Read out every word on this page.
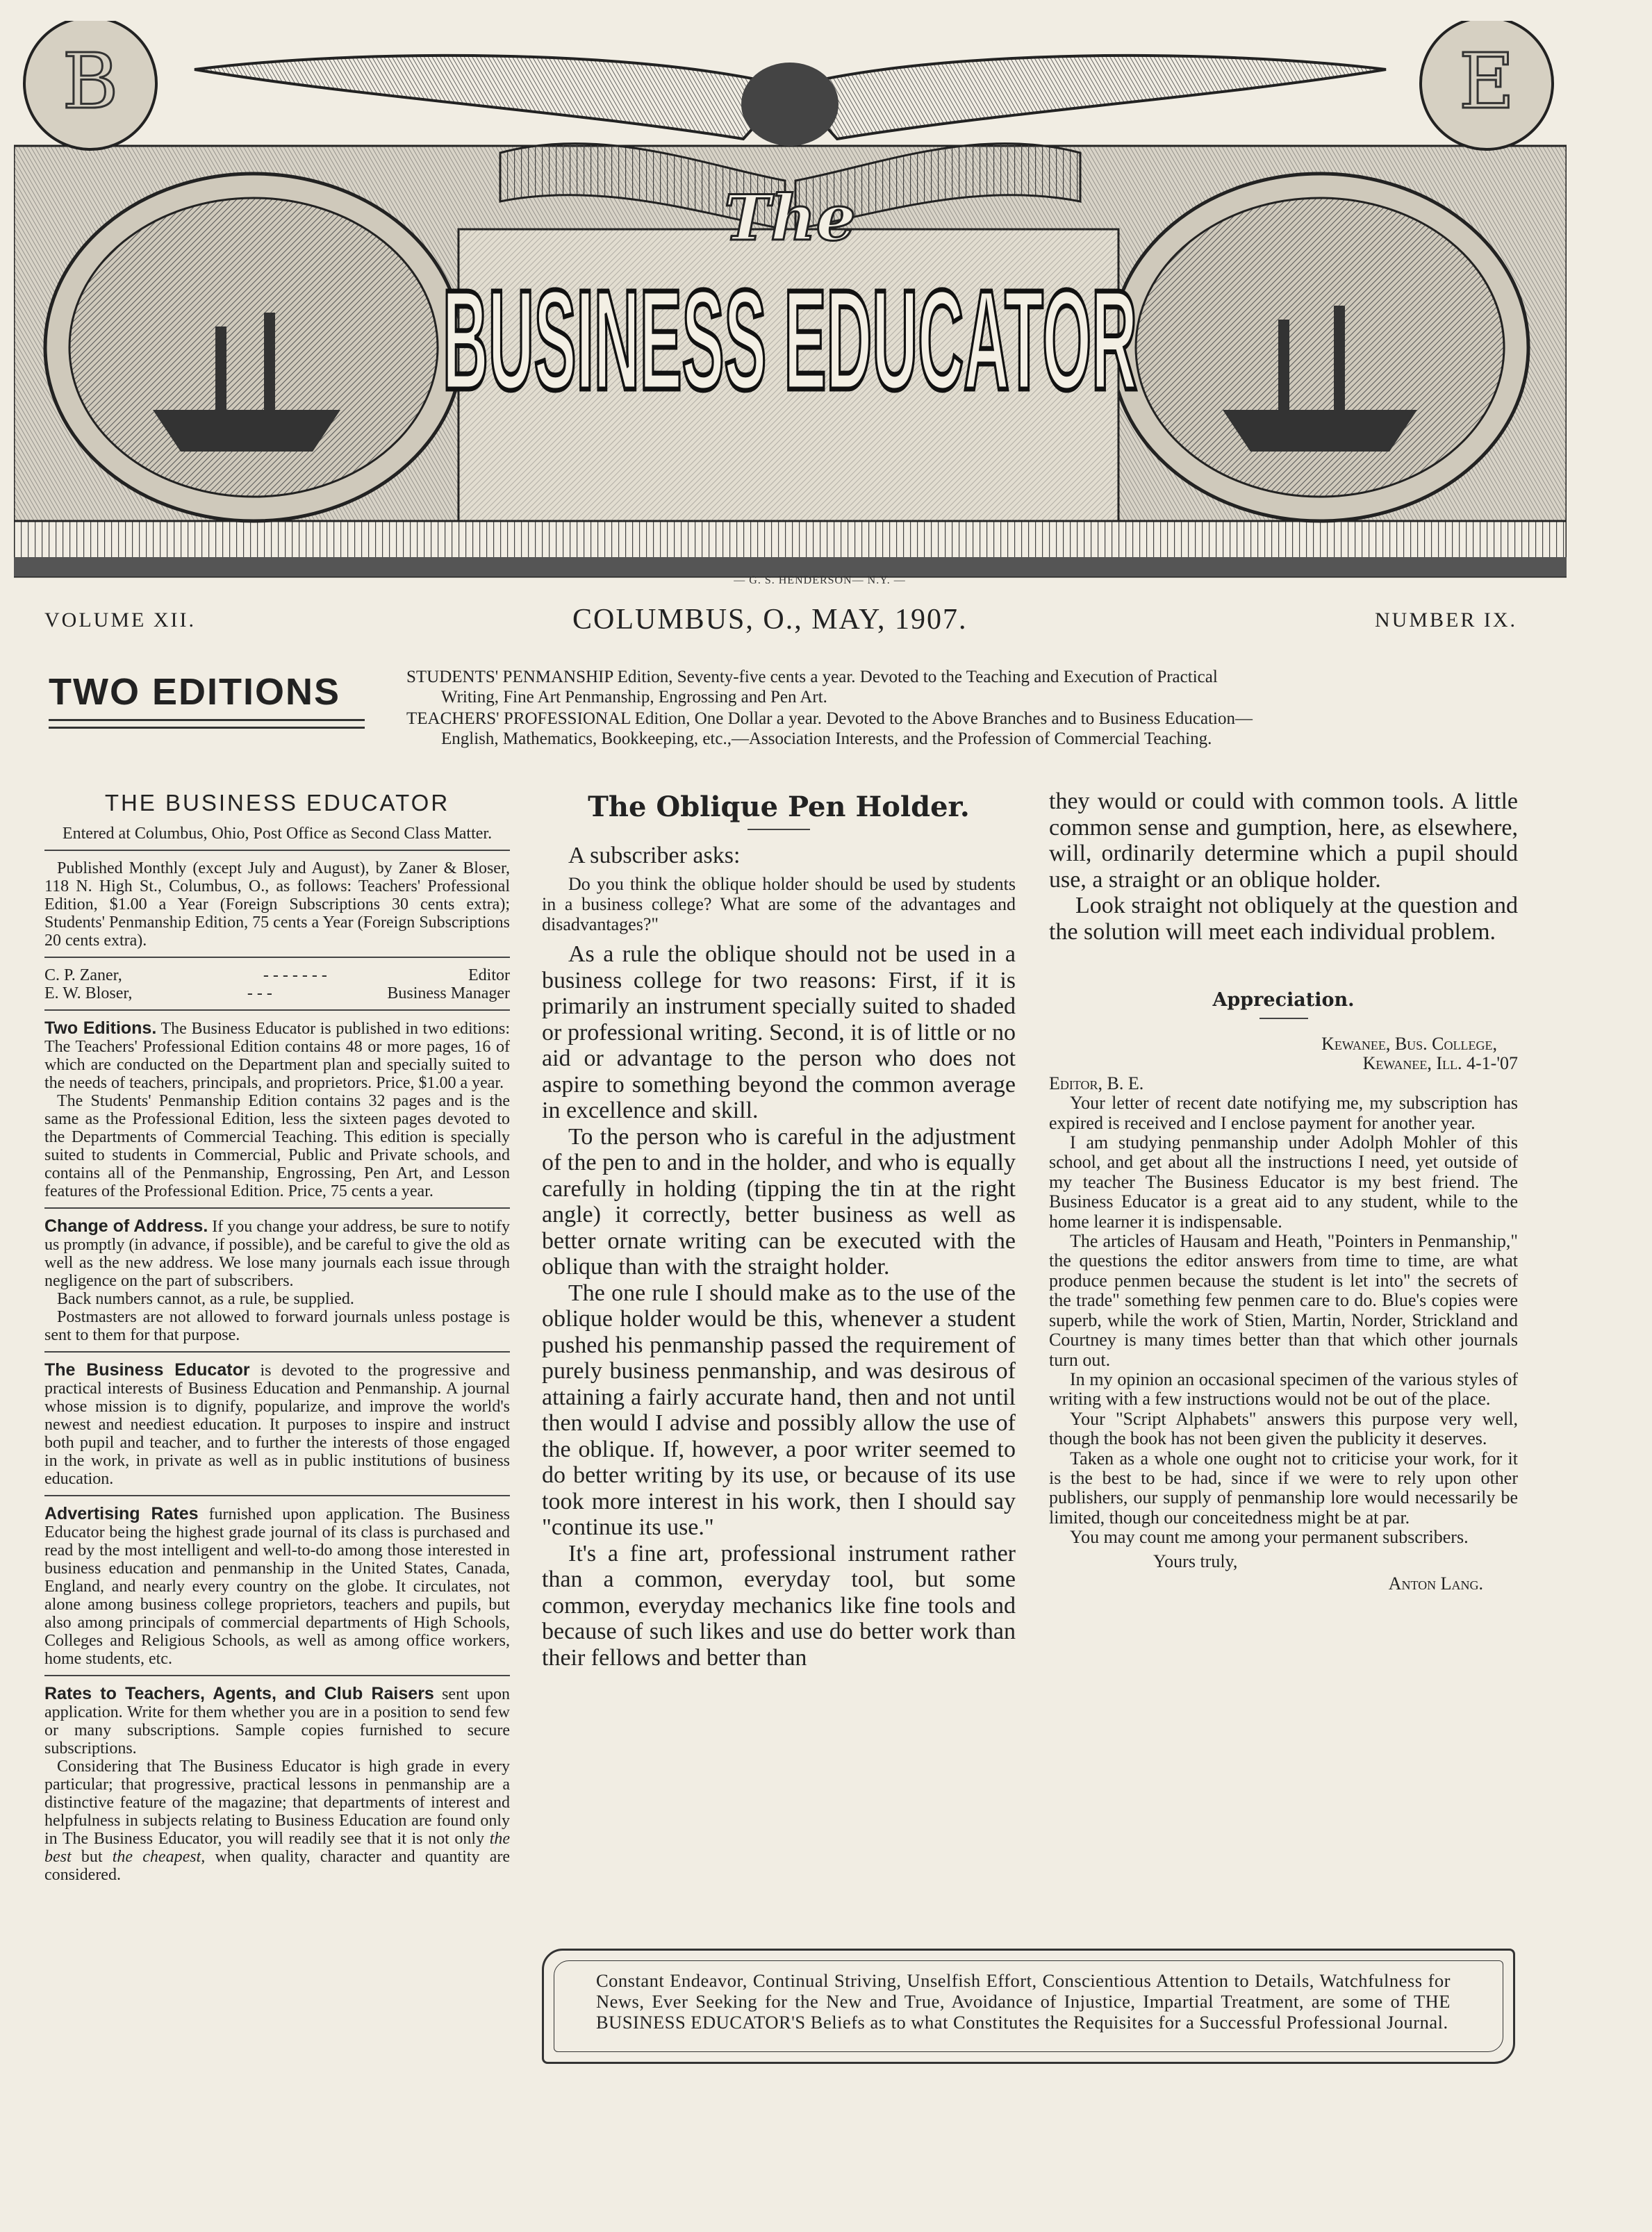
B	E
The
BUSINESS EDUCATOR
— G. S. HENDERSON— N.Y. —
VOLUME XII.	COLUMBUS, O., MAY, 1907.	NUMBER IX.
TWO EDITIONS	STUDENTS' PENMANSHIP Edition, Seventy-five cents a year. Devoted to the Teaching and Execution of Practical
Writing, Fine Art Penmanship, Engrossing and Pen Art.

TEACHERS' PROFESSIONAL Edition, One Dollar a year. Devoted to the Above Branches and to Business Education—
English, Mathematics, Bookkeeping, etc.,—Association Interests, and the Profession of Commercial Teaching.

THE BUSINESS EDUCATOR

Entered at Columbus, Ohio, Post Office as Second Class Matter.

Published Monthly (except July and August), by Zaner & Bloser, 118 N. High St., Columbus, O., as follows: Teachers' Professional Edition, $1.00 a Year (Foreign Subscriptions 30 cents extra); Students' Penmanship Edition, 75 cents a Year (Foreign Subscriptions 20 cents extra).

C. P. Zaner,	- - - - - - -	Editor

E. W. Bloser,	- - -	Business Manager

Two Editions. The Business Educator is published in two editions: The Teachers' Professional Edition contains 48 or more pages, 16 of which are conducted on the Department plan and specially suited to the needs of teachers, principals, and proprietors. Price, $1.00 a year.

The Students' Penmanship Edition contains 32 pages and is the same as the Professional Edition, less the sixteen pages devoted to the Departments of Commercial Teaching. This edition is specially suited to students in Commercial, Public and Private schools, and contains all of the Penmanship, Engrossing, Pen Art, and Lesson features of the Professional Edition. Price, 75 cents a year.

Change of Address. If you change your address, be sure to notify us promptly (in advance, if possible), and be careful to give the old as well as the new address. We lose many journals each issue through negligence on the part of subscribers.

Back numbers cannot, as a rule, be supplied.

Postmasters are not allowed to forward journals unless postage is sent to them for that purpose.

The Business Educator is devoted to the progressive and practical interests of Business Education and Penmanship. A journal whose mission is to dignify, popularize, and improve the world's newest and neediest education. It purposes to inspire and instruct both pupil and teacher, and to further the interests of those engaged in the work, in private as well as in public institutions of business education.

Advertising Rates furnished upon application. The Business Educator being the highest grade journal of its class is purchased and read by the most intelligent and well-to-do among those interested in business education and penmanship in the United States, Canada, England, and nearly every country on the globe. It circulates, not alone among business college proprietors, teachers and pupils, but also among principals of commercial departments of High Schools, Colleges and Religious Schools, as well as among office workers, home students, etc.

Rates to Teachers, Agents, and Club Raisers sent upon application. Write for them whether you are in a position to send few or many subscriptions. Sample copies furnished to secure subscriptions.

Considering that The Business Educator is high grade in every particular; that progressive, practical lessons in penmanship are a distinctive feature of the magazine; that departments of interest and helpfulness in subjects relating to Business Education are found only in The Business Educator, you will readily see that it is not only the best but the cheapest, when quality, character and quantity are considered.

The Oblique Pen Holder.

A subscriber asks:

Do you think the oblique holder should be used by students in a business college? What are some of the advantages and disadvantages?"

As a rule the oblique should not be used in a business college for two reasons: First, if it is primarily an instrument specially suited to shaded or professional writing. Second, it is of little or no aid or advantage to the person who does not aspire to something beyond the common average in excellence and skill.

To the person who is careful in the adjustment of the pen to and in the holder, and who is equally carefully in holding (tipping the tin at the right angle) it correctly, better business as well as better ornate writing can be executed with the oblique than with the straight holder.

The one rule I should make as to the use of the oblique holder would be this, whenever a student pushed his penmanship passed the requirement of purely business penmanship, and was desirous of attaining a fairly accurate hand, then and not until then would I advise and possibly allow the use of the oblique. If, however, a poor writer seemed to do better writing by its use, or because of its use took more interest in his work, then I should say "continue its use."

It's a fine art, professional instrument rather than a common, everyday tool, but some common, everyday mechanics like fine tools and because of such likes and use do better work than their fellows and better than

they would or could with common tools. A little common sense and gumption, here, as elsewhere, will, ordinarily determine which a pupil should use, a straight or an oblique holder.

Look straight not obliquely at the question and the solution will meet each individual problem.

Appreciation.

Kewanee, Bus. College,

Kewanee, Ill. 4-1-'07

Editor, B. E.

Your letter of recent date notifying me, my subscription has expired is received and I enclose payment for another year.

I am studying penmanship under Adolph Mohler of this school, and get about all the instructions I need, yet outside of my teacher The Business Educator is my best friend. The Business Educator is a great aid to any student, while to the home learner it is indispensable.

The articles of Hausam and Heath, "Pointers in Penmanship," the questions the editor answers from time to time, are what produce penmen because the student is let into" the secrets of the trade" something few penmen care to do. Blue's copies were superb, while the work of Stien, Martin, Norder, Strickland and Courtney is many times better than that which other journals turn out.

In my opinion an occasional specimen of the various styles of writing with a few instructions would not be out of the place.

Your "Script Alphabets" answers this purpose very well, though the book has not been given the publicity it deserves.

Taken as a whole one ought not to criticise your work, for it is the best to be had, since if we were to rely upon other publishers, our supply of penmanship lore would necessarily be limited, though our conceitedness might be at par.

You may count me among your permanent subscribers.

Yours truly,

Anton Lang.

Constant Endeavor, Continual Striving, Unselfish Effort, Conscientious Attention to Details, Watchfulness for News, Ever Seeking for the New and True, Avoidance of Injustice, Impartial Treatment, are some of THE BUSINESS EDUCATOR'S Beliefs as to what Constitutes the Requisites for a Successful Professional Journal.
